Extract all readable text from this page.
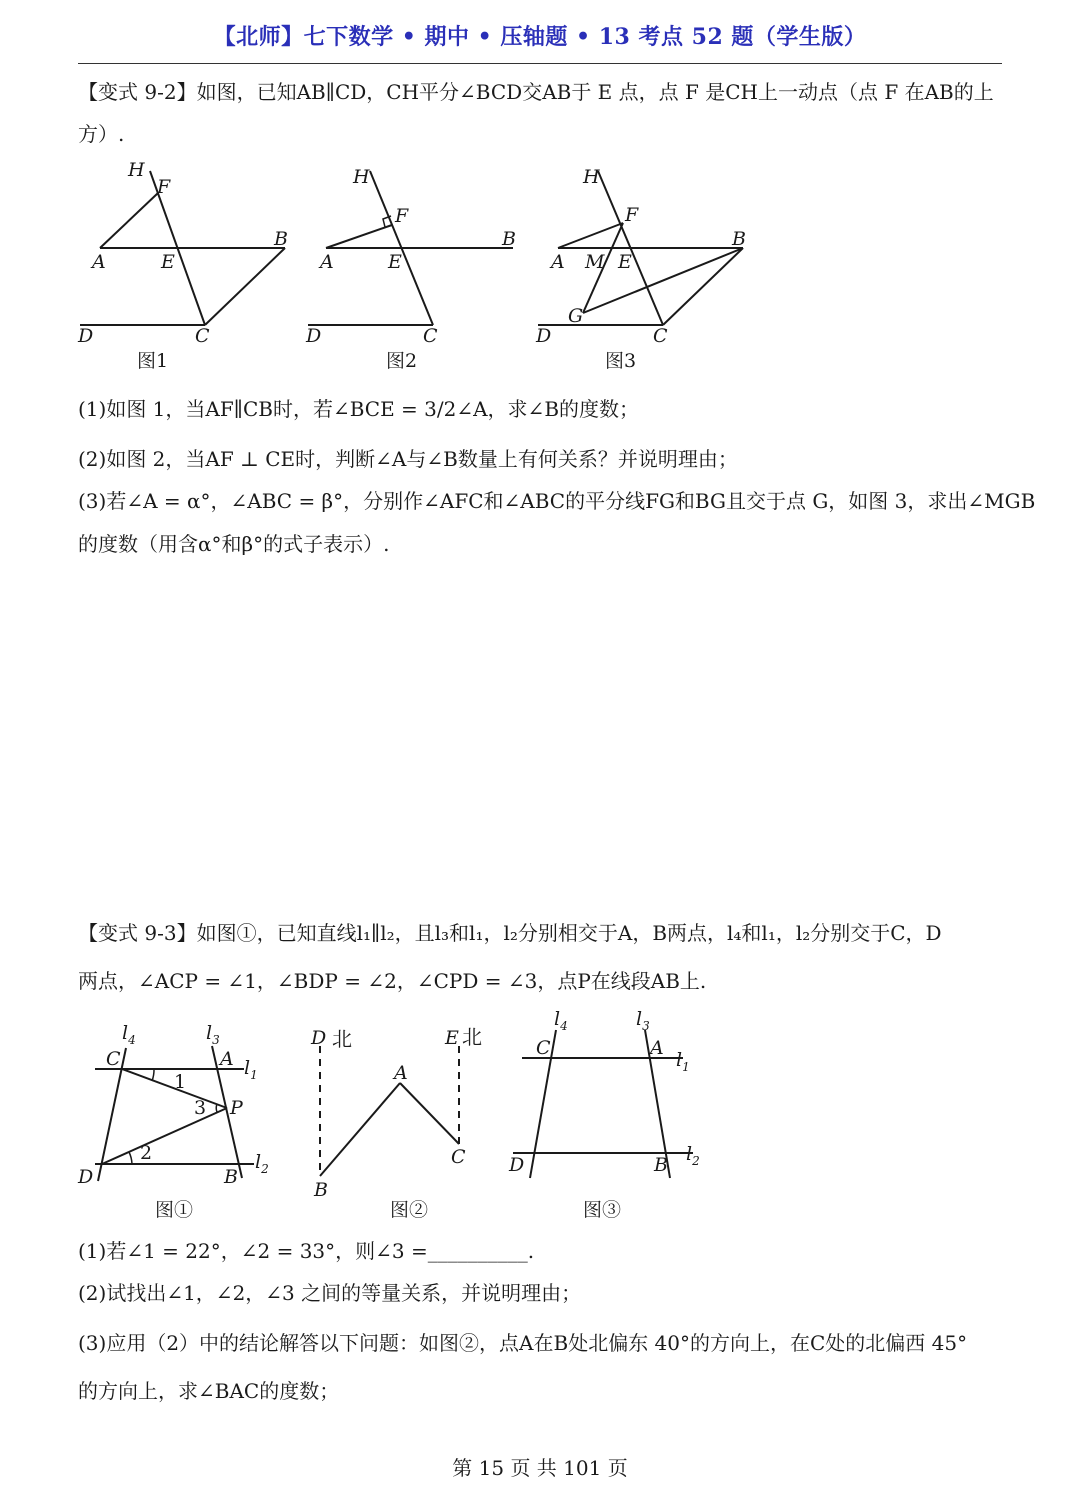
【北师】七下数学 • 期中 • 压轴题 • 13 考点 52 题（学生版）

【变式 9-2】如图，已知AB∥CD，CH平分∠BCD交AB于 E 点，点 F 是CH上一动点（点 F 在AB的上

方）.

H
F
A	E
B
D	C
图1
H
F
A	E
B
D	C
图2
H
F
A M E
B
G
D	C
图3

(1)如图 1，当AF∥CB时，若∠BCE = 3/2∠A，求∠B的度数；

(2)如图 2，当AF ⊥ CE时，判断∠A与∠B数量上有何关系？并说明理由；

(3)若∠A = α°，∠ABC = β°，分别作∠AFC和∠ABC的平分线FG和BG且交于点 G，如图 3，求出∠MGB

的度数（用含α°和β°的式子表示）.

【变式 9-3】如图①，已知直线l₁∥l₂，且l₃和l₁，l₂分别相交于A，B两点，l₄和l₁，l₂分别交于C，D

两点，∠ACP = ∠1，∠BDP = ∠2，∠CPD = ∠3，点P在线段AB上.

$l_4$	$l_3$
C	A $l_1$
1
3 P
2
D	B
$l_2$
图①
D 北	E 北
A
C
B
图②
$l_4$	$l_3$
C	A
$l_1$
D	B $l_2$
图③

(1)若∠1 = 22°，∠2 = 33°，则∠3 =__________.

(2)试找出∠1，∠2，∠3 之间的等量关系，并说明理由；

(3)应用（2）中的结论解答以下问题：如图②，点A在B处北偏东 40°的方向上，在C处的北偏西 45°

的方向上，求∠BAC的度数；

第 15 页 共 101 页
